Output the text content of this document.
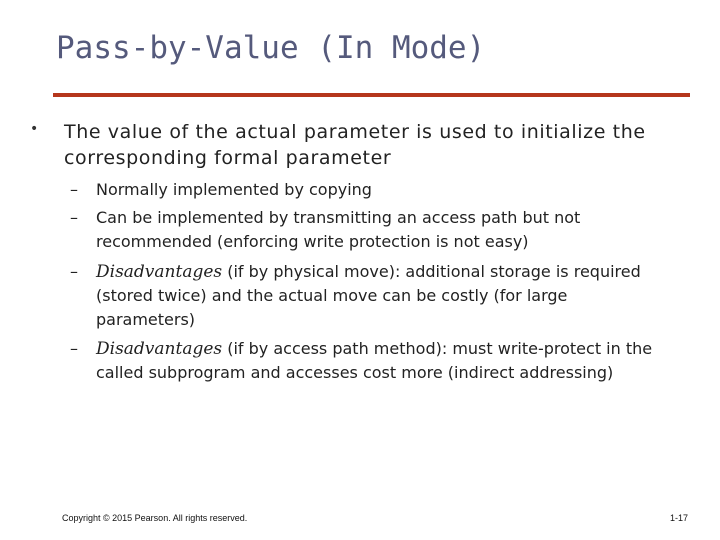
Pass-by-Value (In Mode)
• The value of the actual parameter is used to initialize the corresponding formal parameter
– Normally implemented by copying
– Can be implemented by transmitting an access path but not recommended (enforcing write protection is not easy)
– Disadvantages (if by physical move): additional storage is required (stored twice) and the actual move can be costly (for large parameters)
– Disadvantages (if by access path method): must write-protect in the called subprogram and accesses cost more (indirect addressing)
Copyright © 2015 Pearson. All rights reserved.	1-17
